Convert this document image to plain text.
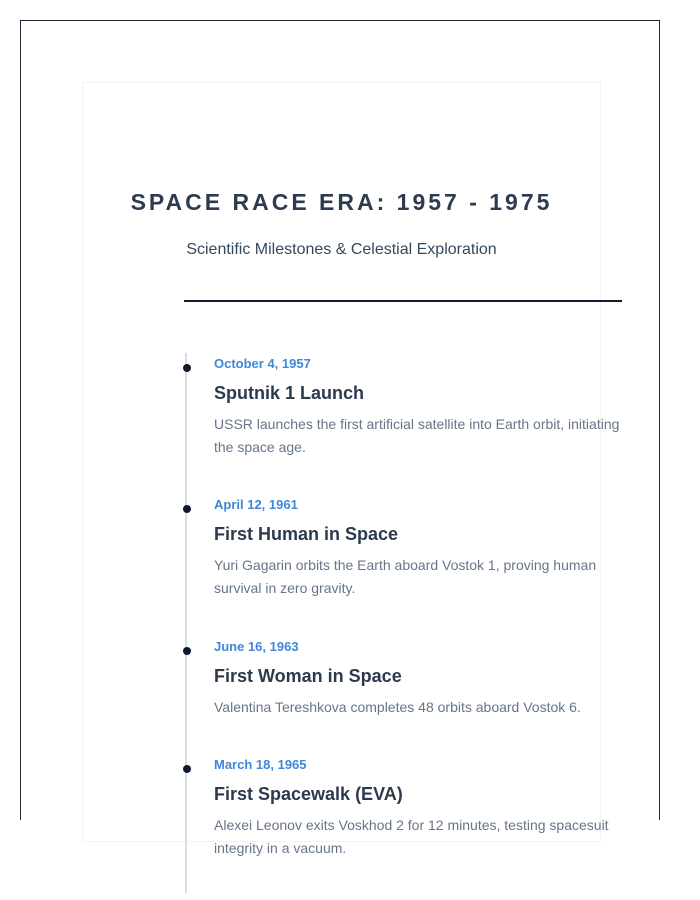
SPACE RACE ERA: 1957 - 1975

Scientific Milestones & Celestial Exploration

October 4, 1957

Sputnik 1 Launch

USSR launches the first artificial satellite into Earth orbit, initiating the space age.

April 12, 1961

First Human in Space

Yuri Gagarin orbits the Earth aboard Vostok 1, proving human survival in zero gravity.

June 16, 1963

First Woman in Space

Valentina Tereshkova completes 48 orbits aboard Vostok 6.

March 18, 1965

First Spacewalk (EVA)

Alexei Leonov exits Voskhod 2 for 12 minutes, testing spacesuit integrity in a vacuum.
